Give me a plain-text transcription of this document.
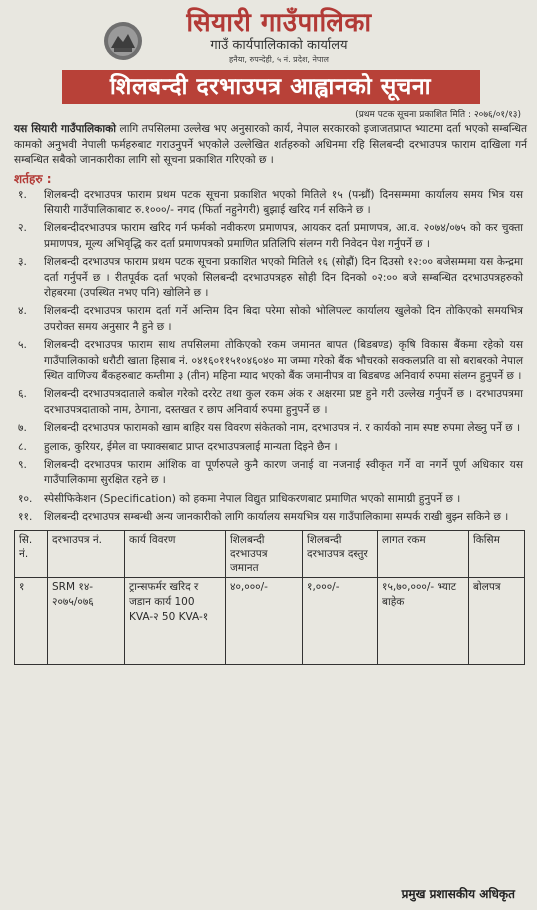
सियारी गाउँपालिका
गाउँ कार्यपालिकाको कार्यालय
हनैया, रुपन्देही, ५ नं. प्रदेश, नेपाल
शिलबन्दी दरभाउपत्र आह्वानको सूचना
(प्रथम पटक सूचना प्रकाशित मिति : २०७६/०१/१३)
यस सियारी गाउँपालिकाको लागि तपसिलमा उल्लेख भए अनुसारको कार्य, नेपाल सरकारको इजाजतप्राप्त भ्याटमा दर्ता भएको सम्बन्धित कामको अनुभवी नेपाली फर्महरुबाट गराउनुपर्ने भएकोले उल्लेखित शर्तहरुको अधिनमा रहि सिलबन्दी दरभाउपत्र फाराम दाखिला गर्न सम्बन्धित सबैको जानकारीका लागि सो सूचना प्रकाशित गरिएको छ ।
शर्तहरु :
१.	शिलबन्दी दरभाउपत्र फाराम प्रथम पटक सूचना प्रकाशित भएको मितिले १५ (पन्ध्रौं) दिनसम्ममा कार्यालय समय भित्र यस सियारी गाउँपालिकाबाट रु.१०००/- नगद (फिर्ता नहुनेगरी) बुझाई खरिद गर्न सकिने छ ।
२.	शिलबन्दीदरभाउपत्र फाराम खरिद गर्न फर्मको नवीकरण प्रमाणपत्र, आयकर दर्ता प्रमाणपत्र, आ.व. २०७४/०७५ को कर चुक्ता प्रमाणपत्र, मूल्य अभिवृद्धि कर दर्ता प्रमाणपत्रको प्रमाणित प्रतिलिपि संलग्न गरी निवेदन पेश गर्नुपर्ने छ ।
३.	शिलबन्दी दरभाउपत्र फाराम प्रथम पटक सूचना प्रकाशित भएको मितिले १६ (सोह्रौं) दिन दिउसो १२:०० बजेसम्ममा यस केन्द्रमा दर्ता गर्नुपर्ने छ । रीतपूर्वक दर्ता भएको सिलबन्दी दरभाउपत्रहरु सोही दिन दिनको ०२:०० बजे सम्बन्धित दरभाउपत्रहरुको रोहबरमा (उपस्थित नभए पनि) खोलिने छ ।
४.	शिलबन्दी दरभाउपत्र फाराम दर्ता गर्ने अन्तिम दिन बिदा परेमा सोको भोलिपल्ट कार्यालय खुलेको दिन तोकिएको समयभित्र उपरोक्त समय अनुसार नै हुने छ ।
५.	शिलबन्दी दरभाउपत्र फाराम साथ तपसिलमा तोकिएको रकम जमानत बापत (बिडबण्ड) कृषि विकास बैंकमा रहेको यस गाउँपालिकाको धरौटी खाता हिसाब नं. ०४१६०११५१०४६०४० मा जम्मा गरेको बैंक भौचरको सक्कलप्रति वा सो बराबरको नेपाल स्थित वाणिज्य बैंकहरुबाट कम्तीमा ३ (तीन) महिना म्याद भएको बैंक जमानीपत्र वा बिडबण्ड अनिवार्य रुपमा संलग्न हुनुपर्ने छ ।
६.	शिलबन्दी दरभाउपत्रदाताले कबोल गरेको दररेट तथा कुल रकम अंक र अक्षरमा प्रष्ट हुने गरी उल्लेख गर्नुपर्ने छ । दरभाउपत्रमा दरभाउपत्रदाताको नाम, ठेगाना, दस्तखत र छाप अनिवार्य रुपमा हुनुपर्ने छ ।
७.	शिलबन्दी दरभाउपत्र फारामको खाम बाहिर यस विवरण संकेतको नाम, दरभाउपत्र नं. र कार्यको नाम स्पष्ट रुपमा लेख्नु पर्ने छ ।
८.	हुलाक, कुरियर, ईमेल वा फ्याक्सबाट प्राप्त दरभाउपत्रलाई मान्यता दिइने छैन ।
९.	शिलबन्दी दरभाउपत्र फाराम आंशिक वा पूर्णरुपले कुनै कारण जनाई वा नजनाई स्वीकृत गर्ने वा नगर्ने पूर्ण अधिकार यस गाउँपालिकामा सुरक्षित रहने छ ।
१०.	स्पेसीफिकेशन (Specification) को हकमा नेपाल विद्युत प्राधिकरणबाट प्रमाणित भएको सामाग्री हुनुपर्ने छ ।
११.	शिलबन्दी दरभाउपत्र सम्बन्धी अन्य जानकारीको लागि कार्यालय समयभित्र यस गाउँपालिकामा सम्पर्क राखी बुझ्न सकिने छ ।
सि. नं.	दरभाउपत्र नं.	कार्य विवरण	शिलबन्दी दरभाउपत्र जमानत	शिलबन्दी दरभाउपत्र दस्तुर	लागत रकम	किसिम
१	SRM १४- २०७५/०७६	ट्रान्सफर्मर खरिद र जडान कार्य 100 KVA-२ 50 KVA-१	४०,०००/-	१,०००/-	१५,७०,०००/- भ्याट बाहेक	बोलपत्र
प्रमुख प्रशासकीय अधिकृत
